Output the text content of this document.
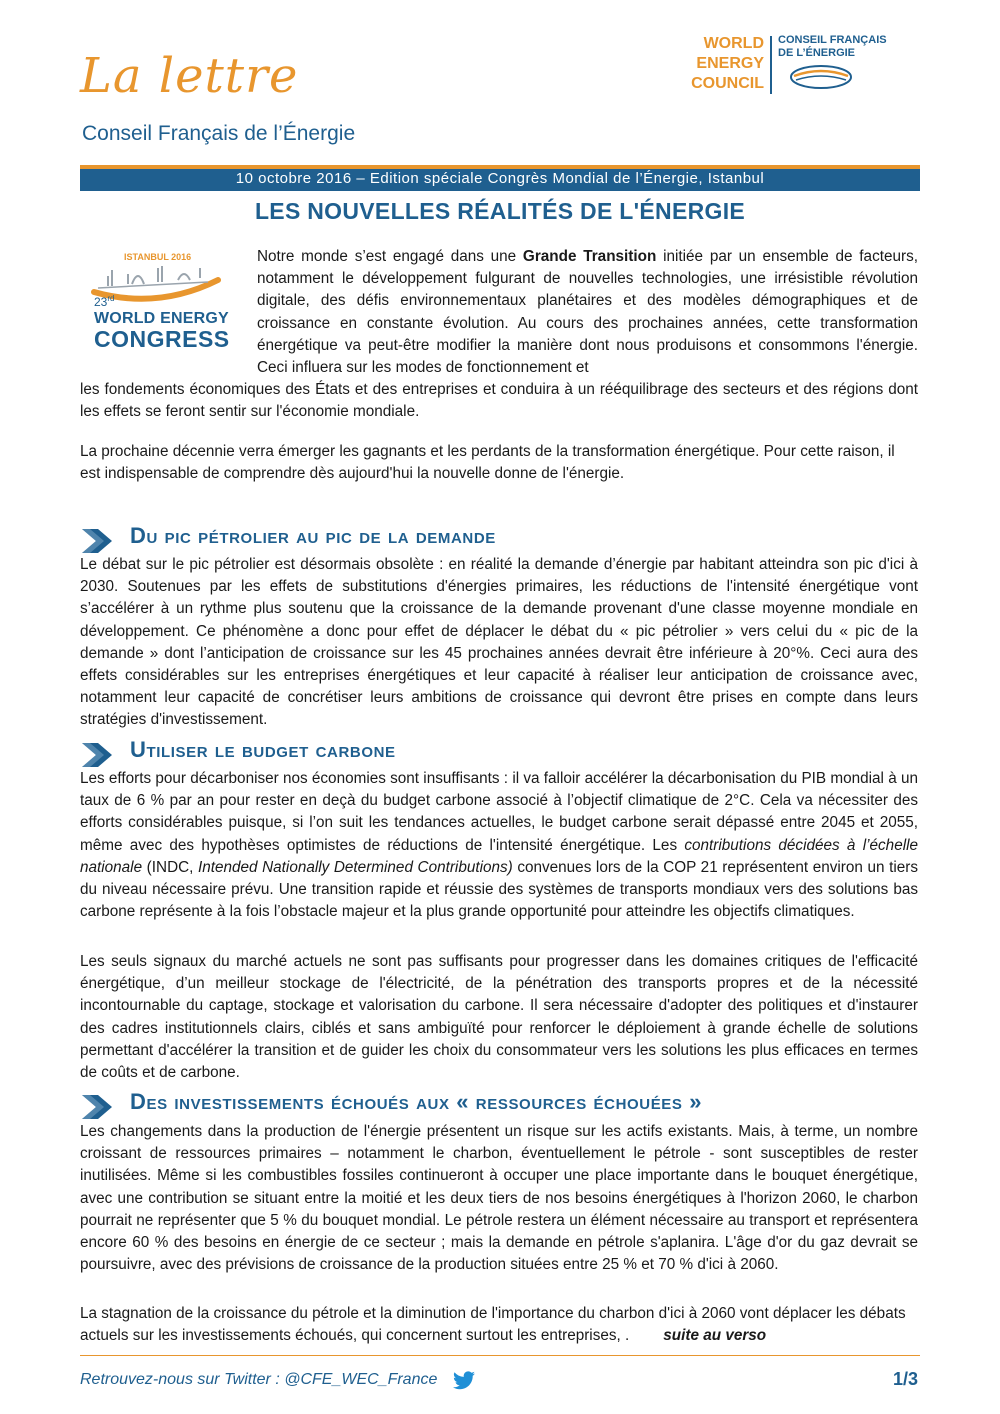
La lettre
Conseil Français de l’Énergie
WORLD
ENERGY
COUNCIL
CONSEIL FRANÇAIS
DE L’ÉNERGIE
10 octobre 2016 – Edition spéciale Congrès Mondial de l’Énergie, Istanbul
LES NOUVELLES RÉALITÉS DE L'ÉNERGIE
ISTANBUL 2016
23rd
WORLD ENERGY
CONGRESS
Notre monde s’est engagé dans une Grande Transition initiée par un ensemble de facteurs, notamment le développement fulgurant de nouvelles technologies, une irrésistible révolution digitale, des défis environnementaux planétaires et des modèles démographiques et de croissance en constante évolution. Au cours des prochaines années, cette transformation énergétique va peut-être modifier la manière dont nous produisons et consommons l'énergie. Ceci influera sur les modes de fonctionnement et
les fondements économiques des États et des entreprises et conduira à un rééquilibrage des secteurs et des régions dont les effets se feront sentir sur l'économie mondiale.
La prochaine décennie verra émerger les gagnants et les perdants de la transformation énergétique. Pour cette raison, il est indispensable de comprendre dès aujourd'hui la nouvelle donne de l'énergie.
Du pic pétrolier au pic de la demande
Le débat sur le pic pétrolier est désormais obsolète : en réalité la demande d’énergie par habitant atteindra son pic d'ici à 2030. Soutenues par les effets de substitutions d'énergies primaires, les réductions de l'intensité énergétique vont s’accélérer à un rythme plus soutenu que la croissance de la demande provenant d'une classe moyenne mondiale en développement. Ce phénomène a donc pour effet de déplacer le débat du « pic pétrolier » vers celui du « pic de la demande » dont l’anticipation de croissance sur les 45 prochaines années devrait être inférieure à 20°%. Ceci aura des effets considérables sur les entreprises énergétiques et leur capacité à réaliser leur anticipation de croissance avec, notamment leur capacité de concrétiser leurs ambitions de croissance qui devront être prises en compte dans leurs stratégies d'investissement.
Utiliser le budget carbone
Les efforts pour décarboniser nos économies sont insuffisants : il va falloir accélérer la décarbonisation du PIB mondial à un taux de 6 % par an pour rester en deçà du budget carbone associé à l’objectif climatique de 2°C. Cela va nécessiter des efforts considérables puisque, si l’on suit les tendances actuelles, le budget carbone serait dépassé entre 2045 et 2055, même avec des hypothèses optimistes de réductions de l'intensité énergétique. Les contributions décidées à l’échelle nationale (INDC, Intended Nationally Determined Contributions) convenues lors de la COP 21 représentent environ un tiers du niveau nécessaire prévu. Une transition rapide et réussie des systèmes de transports mondiaux vers des solutions bas carbone représente à la fois l’obstacle majeur et la plus grande opportunité pour atteindre les objectifs climatiques.
Les seuls signaux du marché actuels ne sont pas suffisants pour progresser dans les domaines critiques de l'efficacité énergétique, d’un meilleur stockage de l'électricité, de la pénétration des transports propres et de la nécessité incontournable du captage, stockage et valorisation du carbone. Il sera nécessaire d'adopter des politiques et d'instaurer des cadres institutionnels clairs, ciblés et sans ambiguïté pour renforcer le déploiement à grande échelle de solutions permettant d'accélérer la transition et de guider les choix du consommateur vers les solutions les plus efficaces en termes de coûts et de carbone.
Des investissements échoués aux « ressources échouées »
Les changements dans la production de l'énergie présentent un risque sur les actifs existants. Mais, à terme, un nombre croissant de ressources primaires – notamment le charbon, éventuellement le pétrole - sont susceptibles de rester inutilisées. Même si les combustibles fossiles continueront à occuper une place importante dans le bouquet énergétique, avec une contribution se situant entre la moitié et les deux tiers de nos besoins énergétiques à l'horizon 2060, le charbon pourrait ne représenter que 5 % du bouquet mondial. Le pétrole restera un élément nécessaire au transport et représentera encore 60 % des besoins en énergie de ce secteur ; mais la demande en pétrole s'aplanira. L'âge d'or du gaz devrait se poursuivre, avec des prévisions de croissance de la production situées entre 25 % et 70 % d'ici à 2060.
La stagnation de la croissance du pétrole et la diminution de l'importance du charbon d'ici à 2060 vont déplacer les débats actuels sur les investissements échoués, qui concernent surtout les entreprises, . suite au verso
Retrouvez-nous sur Twitter : @CFE_WEC_France	1/3
